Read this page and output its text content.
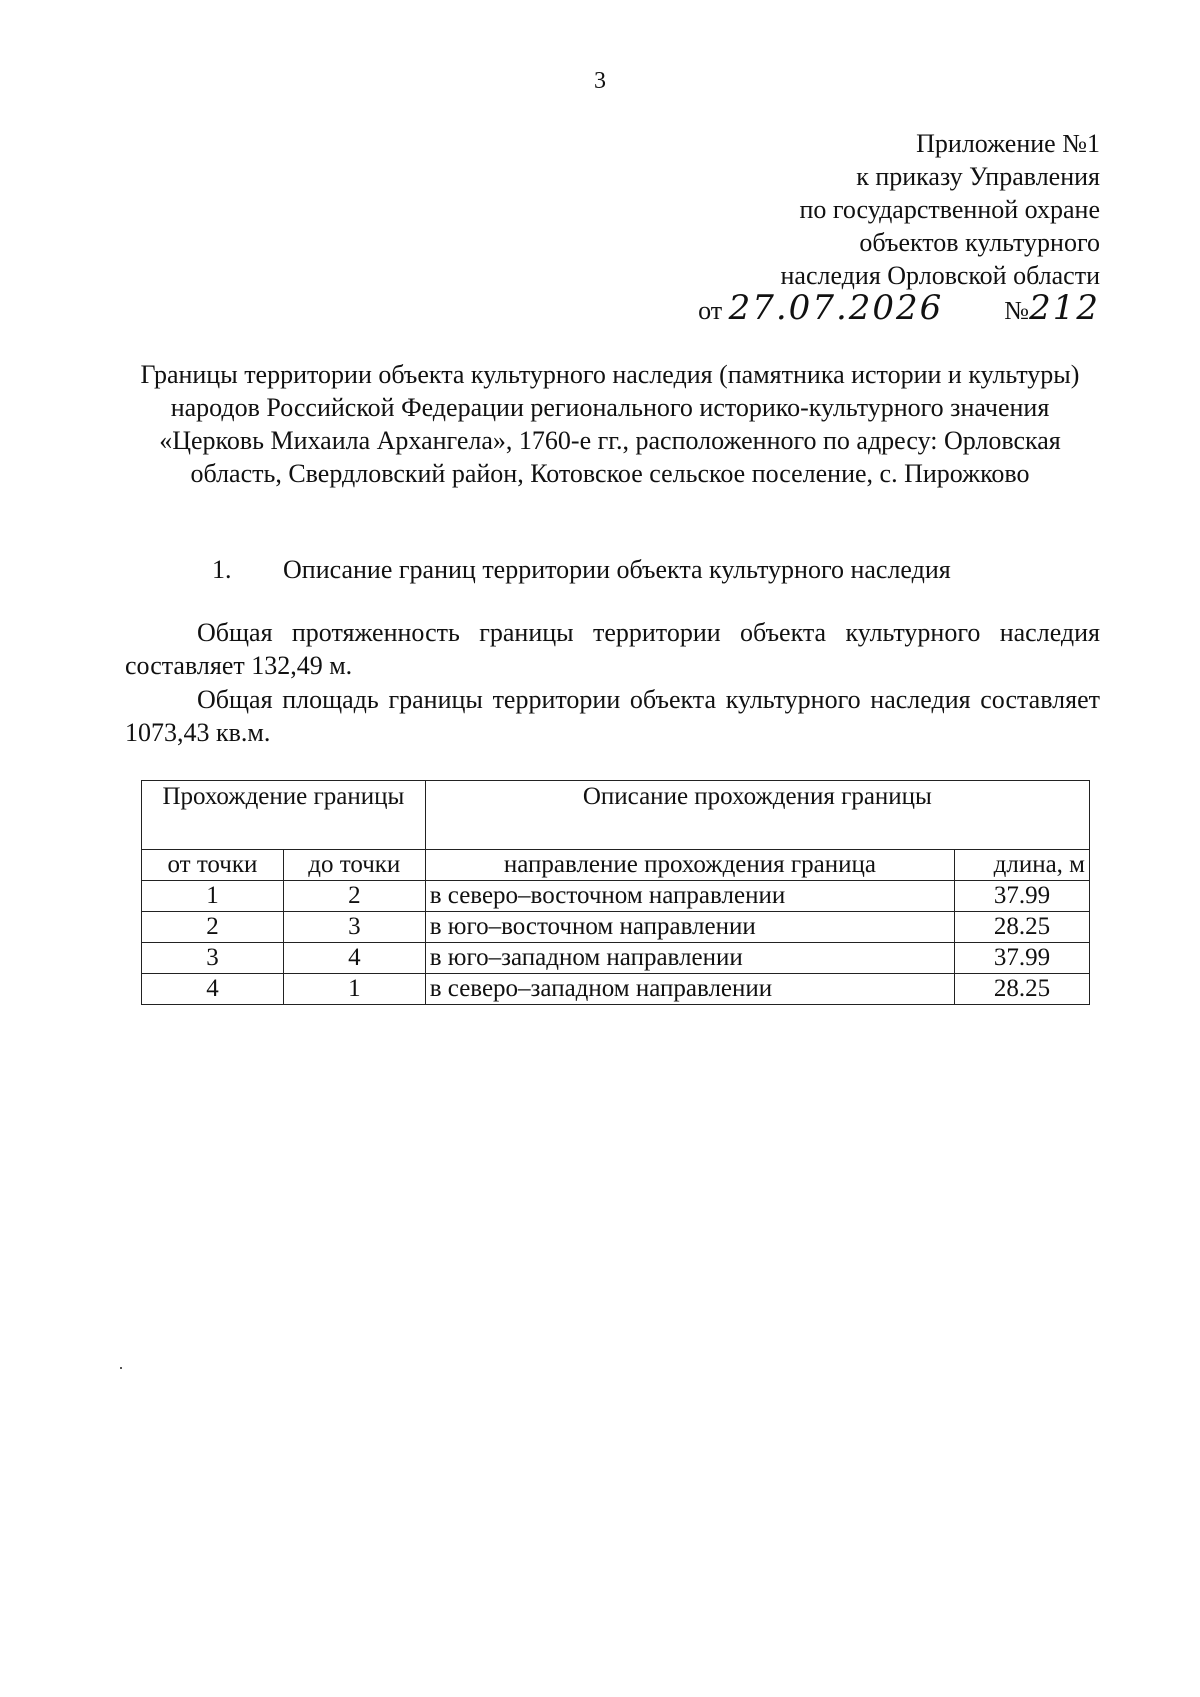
3
Приложение №1
к приказу Управления
по государственной охране
объектов культурного
наследия Орловской области
от 27.07.2026 №212
Границы территории объекта культурного наследия (памятника истории и культуры) народов Российской Федерации регионального историко-культурного значения «Церковь Михаила Архангела», 1760-е гг., расположенного по адресу: Орловская область, Свердловский район, Котовское сельское поселение, с. Пирожково
1. Описание границ территории объекта культурного наследия
Общая протяженность границы территории объекта культурного наследия составляет 132,49 м.
Общая площадь границы территории объекта культурного наследия составляет 1073,43 кв.м.
Прохождение границы		Описание прохождения границы	
от точки	до точки	направление прохождения граница	длина, м
1	2	в северо–восточном направлении	37.99
2	3	в юго–восточном направлении	28.25
3	4	в юго–западном направлении	37.99
4	1	в северо–западном направлении	28.25
